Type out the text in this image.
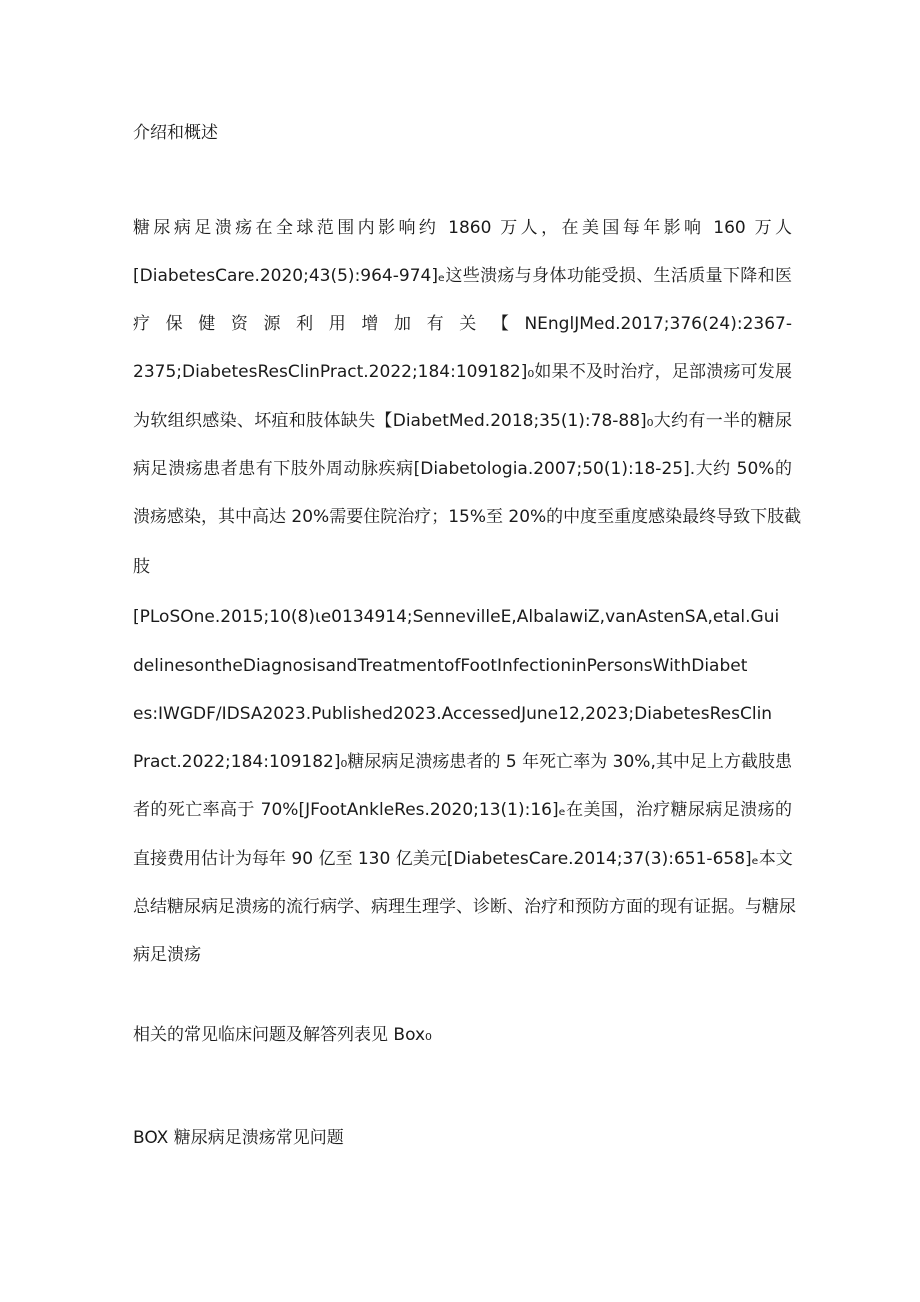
介绍和概述
糖尿病足溃疡在全球范围内影响约 1860 万人，在美国每年影响 160 万人
[DiabetesCare.2020;43(5):964-974]ₑ这些溃疡与身体功能受损、生活质量下降和医
疗 保 健 资 源 利 用 增 加 有 关 【 NEnglJMed.2017;376(24):2367-
2375;DiabetesResClinPract.2022;184:109182]₀如果不及时治疗，足部溃疡可发展
为软组织感染、坏疽和肢体缺失【DiabetMed.2018;35(1):78-88]₀大约有一半的糖尿
病足溃疡患者患有下肢外周动脉疾病[Diabetologia.2007;50(1):18-25].大约 50%的
溃疡感染，其中高达 20%需要住院治疗；15%至 20%的中度至重度感染最终导致下肢截
肢
[PLoSOne.2015;10(8)ιe0134914;SennevilleE,AlbalawiZ,vanAstenSA,etal.Gui
delinesontheDiagnosisandTreatmentofFootInfectioninPersonsWithDiabet
es:IWGDF/IDSA2023.Published2023.AccessedJune12,2023;DiabetesResClin
Pract.2022;184:109182]₀糖尿病足溃疡患者的 5 年死亡率为 30%,其中足上方截肢患
者的死亡率高于 70%[JFootAnkleRes.2020;13(1):16]ₑ在美国，治疗糖尿病足溃疡的
直接费用估计为每年 90 亿至 130 亿美元[DiabetesCare.2014;37(3):651-658]ₑ本文
总结糖尿病足溃疡的流行病学、病理生理学、诊断、治疗和预防方面的现有证据。与糖尿
病足溃疡
相关的常见临床问题及解答列表见 Box₀
BOX 糖尿病足溃疡常见问题
